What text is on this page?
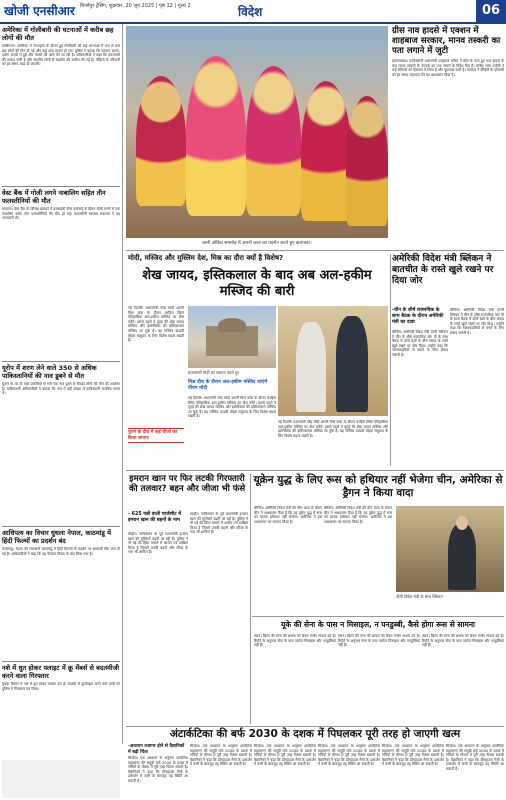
खोजी एनसीआर मिर्जापुर ट्रेसिंग, शुक्रवार, 20 जून 2025 | पृष्ठ 12 | मूल्य 2	विदेश	06
अमेरिका में गोलीबारी की घटनाओं में करीब छह लोगों की मौत
वाशिंगटन। अमेरिका में सप्ताहांत के दौरान हुई गोलीबारी की कई घटनाओं में कम से कम छह लोगों की मौत हो गई और कई अन्य घायल हो गए। पुलिस ने बताया कि घटनाएं अलग-अलग राज्यों में हुईं और मामले की जांच की जा रही है। अधिकारियों ने कहा कि हमलावरों की तलाश जारी है और स्थानीय लोगों से सहयोग की अपील की गई है। पीड़ितों के परिजनों को हर संभव मदद दी जाएगी।
वेस्ट बैंक में गोली लगने नाबालिग सहित तीन फलस्तीनियों की मौत
रामल्ला। वेस्ट बैंक के विभिन्न इलाकों में इजराइली सैन्य कार्रवाई के दौरान गोली लगने से एक नाबालिग समेत तीन फलस्तीनियों की मौत हो गई। फलस्तीनी स्वास्थ्य मंत्रालय ने यह जानकारी दी।
यूरोप में शरण लेने वाले 350 से अधिक पाकिस्तानियों की नाव डूबने से मौत
यूनान के तट के पास प्रवासियों से भरी एक नाव डूबने से सैकड़ों लोगों की मौत की आशंका है। पाकिस्तानी अधिकारियों ने बताया कि नाव में बड़ी संख्या में पाकिस्तानी नागरिक सवार थे।
आधिपत्य का विचार धुंधला नेपाल, काठमांडू में हिंदी फिल्मों का प्रदर्शन बंद
काठमांडू। नेपाल की राजधानी काठमांडू में हिंदी फिल्मों के प्रदर्शन पर अस्थायी रोक लगा दी गई है। अधिकारियों ने कहा कि यह फैसला विवाद के बाद लिया गया है।
नशे में धुत होकर फ्लाइट में क्रू मेंबर्स से बदतमीजी करने वाला गिरफ्तार
मुंबई। विमान में नशे में धुत होकर चालक दल के सदस्यों से दुर्व्यवहार करने वाले यात्री को पुलिस ने गिरफ्तार कर लिया।
बाली ओडिल समारोह में अपनी कला का प्रदर्शन करते हुए कलाकार।
ग्रीस नाव हादसे में एक्शन में शाहबाज सरकार, मानव तस्करी का पता लगाने में जुटी
इस्लामाबाद। पाकिस्तानी प्रधानमंत्री शाहबाज शरीफ ने ग्रीस के पास हुए नाव हादसे के बाद मानव तस्करी के नेटवर्क का पता लगाने के निर्देश दिए हैं। संघीय जांच एजेंसी ने कई संदिग्धों को हिरासत में लिया है और पूछताछ जारी है। सरकार ने पीड़ितों के परिवारों को हर संभव सहायता देने का आश्वासन दिया है।
मोदी, मस्जिद और मुस्लिम देश, मिस्र का दौरा क्यों है विशेष?
शेख जायद, इस्तिकलाल के बाद अब अल-हकीम मस्जिद की बारी
नई दिल्ली। प्रधानमंत्री नरेंद्र मोदी अपनी मिस्र यात्रा के दौरान काहिरा स्थित ऐतिहासिक अल-हकीम मस्जिद का दौरा करेंगे। इससे पहले वे यूएई की शेख जायद मस्जिद और इंडोनेशिया की इस्तिकलाल मस्जिद जा चुके हैं। यह मस्जिद दाऊदी बोहरा समुदाय के लिए विशेष महत्व रखती है।
पुराने के दौरा में कई चीजों का किया जाएगा
प्रधानमंत्री मोदी का स्वागत करते हुए
मिस्र दौरा के दौरान अल-हकीम मस्जिद जाएंगे पीएम मोदी
नई दिल्ली। प्रधानमंत्री नरेंद्र मोदी अपनी मिस्र यात्रा के दौरान काहिरा स्थित ऐतिहासिक अल-हकीम मस्जिद का दौरा करेंगे। इससे पहले वे यूएई की शेख जायद मस्जिद और इंडोनेशिया की इस्तिकलाल मस्जिद जा चुके हैं। यह मस्जिद दाऊदी बोहरा समुदाय के लिए विशेष महत्व रखती है।
नई दिल्ली। प्रधानमंत्री नरेंद्र मोदी अपनी मिस्र यात्रा के दौरान काहिरा स्थित ऐतिहासिक अल-हकीम मस्जिद का दौरा करेंगे। इससे पहले वे यूएई की शेख जायद मस्जिद और इंडोनेशिया की इस्तिकलाल मस्जिद जा चुके हैं। यह मस्जिद दाऊदी बोहरा समुदाय के लिए विशेष महत्व रखती है।
अमेरिकी विदेश मंत्री ब्लिंकन ने बातचीत के रास्ते खुले रखने पर दिया जोर
-चीन के शीर्ष राजनयिक के साथ बैठक के दौरान अमेरिकी मंत्री का दावा
बीजिंग। अमेरिकी विदेश मंत्री एंटनी ब्लिंकन ने चीन के शीर्ष राजनयिक वांग यी के साथ बैठक में दोनों देशों के बीच संवाद के रास्ते खुले रखने पर जोर दिया। उन्होंने कहा कि गलतफहमियों से बचने के लिए संवाद जरूरी है।
बीजिंग। अमेरिकी विदेश मंत्री एंटनी ब्लिंकन ने चीन के शीर्ष राजनयिक वांग यी के साथ बैठक में दोनों देशों के बीच संवाद के रास्ते खुले रखने पर जोर दिया। उन्होंने कहा कि गलतफहमियों से बचने के लिए संवाद जरूरी है।
इमरान खान पर फिर लटकी गिरफ्तारी की तलवार? बहन और जीजा भी फंसे
- 625 पन्नों वाली चार्जशीट में इमरान खान की बहनों के नाम
लाहौर। पाकिस्तान के पूर्व प्रधानमंत्री इमरान खान की मुश्किलें बढ़ती जा रही हैं। पुलिस ने नौ मई की हिंसा मामले में आरोप पत्र दाखिल किया है जिसमें उनकी बहनों और जीजा के नाम भी शामिल हैं।
लाहौर। पाकिस्तान के पूर्व प्रधानमंत्री इमरान खान की मुश्किलें बढ़ती जा रही हैं। पुलिस ने नौ मई की हिंसा मामले में आरोप पत्र दाखिल किया है जिसमें उनकी बहनों और जीजा के नाम भी शामिल हैं।
यूक्रेन युद्ध के लिए रूस को हथियार नहीं भेजेगा चीन, अमेरिका से ड्रैगन ने किया वादा
बीजिंग। अमेरिकी विदेश मंत्री की चीन यात्रा के दौरान चीन ने आश्वासन दिया है कि वह यूक्रेन युद्ध में रूस को घातक हथियार नहीं भेजेगा। अमेरिका ने इस आश्वासन का स्वागत किया है।
बीजिंग। अमेरिकी विदेश मंत्री की चीन यात्रा के दौरान चीन ने आश्वासन दिया है कि वह यूक्रेन युद्ध में रूस को घातक हथियार नहीं भेजेगा। अमेरिका ने इस आश्वासन का स्वागत किया है।
चीनी विदेश मंत्री के साथ ब्लिंकन
यूके की सेना के पास न मिसाइल, न पनडुब्बी, कैसे होगा रूस से सामना
लंदन। ब्रिटेन की सेना की क्षमता को लेकर गंभीर सवाल उठे हैं। रिपोर्ट के अनुसार सेना के पास पर्याप्त मिसाइल और पनडुब्बियां नहीं हैं।
लंदन। ब्रिटेन की सेना की क्षमता को लेकर गंभीर सवाल उठे हैं। रिपोर्ट के अनुसार सेना के पास पर्याप्त मिसाइल और पनडुब्बियां नहीं हैं।
लंदन। ब्रिटेन की सेना की क्षमता को लेकर गंभीर सवाल उठे हैं। रिपोर्ट के अनुसार सेना के पास पर्याप्त मिसाइल और पनडुब्बियां नहीं हैं।
अंटार्कटिका की बर्फ 2030 के दशक में पिघलकर पूरी तरह हो जाएगी खत्म
-अध्ययन उजागर होने से वैज्ञानिकों में बढ़ी चिंता
सियोल। एक अध्ययन के अनुसार आर्कटिक महासागर की समुद्री बर्फ 2030 के दशक में गर्मियों के मौसम में पूरी तरह पिघल सकती है। वैज्ञानिकों ने कहा कि ग्रीनहाउस गैसों के उत्सर्जन में कमी के बावजूद यह स्थिति आ सकती है।
सियोल। एक अध्ययन के अनुसार आर्कटिक महासागर की समुद्री बर्फ 2030 के दशक में गर्मियों के मौसम में पूरी तरह पिघल सकती है। वैज्ञानिकों ने कहा कि ग्रीनहाउस गैसों के उत्सर्जन में कमी के बावजूद यह स्थिति आ सकती है।
सियोल। एक अध्ययन के अनुसार आर्कटिक महासागर की समुद्री बर्फ 2030 के दशक में गर्मियों के मौसम में पूरी तरह पिघल सकती है। वैज्ञानिकों ने कहा कि ग्रीनहाउस गैसों के उत्सर्जन में कमी के बावजूद यह स्थिति आ सकती है।
सियोल। एक अध्ययन के अनुसार आर्कटिक महासागर की समुद्री बर्फ 2030 के दशक में गर्मियों के मौसम में पूरी तरह पिघल सकती है। वैज्ञानिकों ने कहा कि ग्रीनहाउस गैसों के उत्सर्जन में कमी के बावजूद यह स्थिति आ सकती है।
सियोल। एक अध्ययन के अनुसार आर्कटिक महासागर की समुद्री बर्फ 2030 के दशक में गर्मियों के मौसम में पूरी तरह पिघल सकती है। वैज्ञानिकों ने कहा कि ग्रीनहाउस गैसों के उत्सर्जन में कमी के बावजूद यह स्थिति आ सकती है।
सियोल। एक अध्ययन के अनुसार आर्कटिक महासागर की समुद्री बर्फ 2030 के दशक में गर्मियों के मौसम में पूरी तरह पिघल सकती है। वैज्ञानिकों ने कहा कि ग्रीनहाउस गैसों के उत्सर्जन में कमी के बावजूद यह स्थिति आ सकती है।
